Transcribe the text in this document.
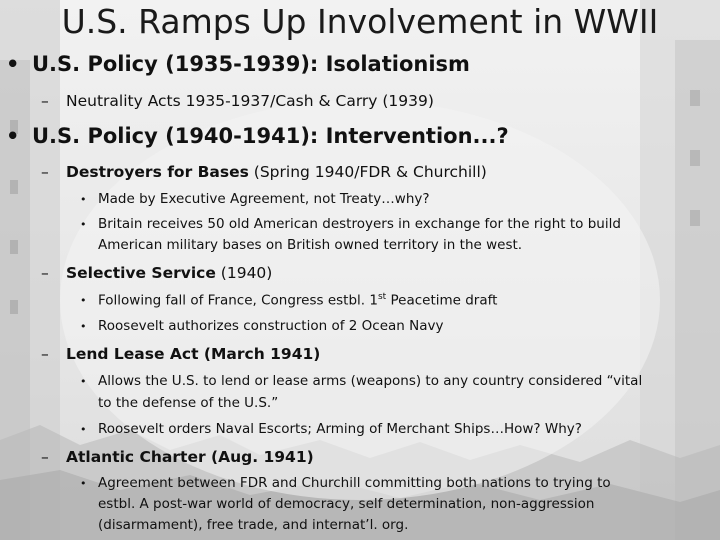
U.S. Ramps Up Involvement in WWII
• U.S. Policy (1935-1939): Isolationism
– Neutrality Acts 1935-1937/Cash & Carry (1939)
• U.S. Policy (1940-1941): Intervention...?
– Destroyers for Bases (Spring 1940/FDR & Churchill)
• Made by Executive Agreement, not Treaty…why?
• Britain receives 50 old American destroyers in exchange for the right to build
American military bases on British owned territory in the west.
– Selective Service (1940)
• Following fall of France, Congress estbl. 1st Peacetime draft
• Roosevelt authorizes construction of 2 Ocean Navy
– Lend Lease Act (March 1941)
• Allows the U.S. to lend or lease arms (weapons) to any country considered “vital
to the defense of the U.S.”
• Roosevelt orders Naval Escorts; Arming of Merchant Ships…How? Why?
– Atlantic Charter (Aug. 1941)
• Agreement between FDR and Churchill committing both nations to trying to
estbl. A post-war world of democracy, self determination, non-aggression
(disarmament), free trade, and internat’l. org.
